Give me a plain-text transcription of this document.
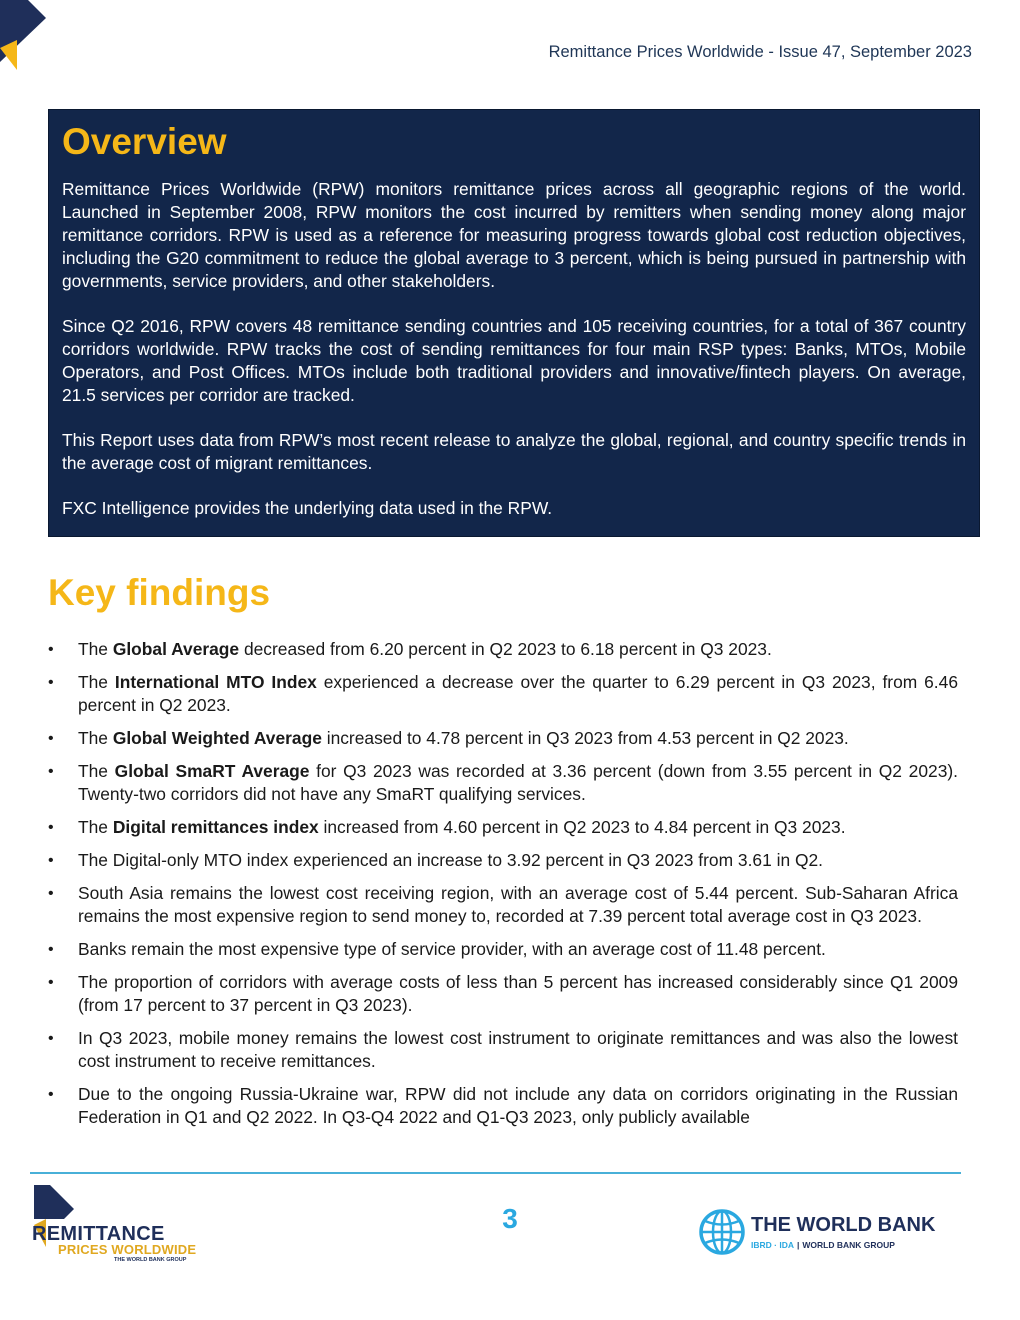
Remittance Prices Worldwide - Issue 47, September 2023
Overview

Remittance Prices Worldwide (RPW) monitors remittance prices across all geographic regions of the world. Launched in September 2008, RPW monitors the cost incurred by remitters when sending money along major remittance corridors. RPW is used as a reference for measuring progress towards global cost reduction objectives, including the G20 commitment to reduce the global average to 3 percent, which is being pursued in partnership with governments, service providers, and other stakeholders.

Since Q2 2016, RPW covers 48 remittance sending countries and 105 receiving countries, for a total of 367 country corridors worldwide. RPW tracks the cost of sending remittances for four main RSP types: Banks, MTOs, Mobile Operators, and Post Offices. MTOs include both traditional providers and innovative/fintech players. On average, 21.5 services per corridor are tracked.

This Report uses data from RPW’s most recent release to analyze the global, regional, and country specific trends in the average cost of migrant remittances.

FXC Intelligence provides the underlying data used in the RPW.

Key findings
• The Global Average decreased from 6.20 percent in Q2 2023 to 6.18 percent in Q3 2023.
• The International MTO Index experienced a decrease over the quarter to 6.29 percent in Q3 2023, from 6.46 percent in Q2 2023.
• The Global Weighted Average increased to 4.78 percent in Q3 2023 from 4.53 percent in Q2 2023.
• The Global SmaRT Average for Q3 2023 was recorded at 3.36 percent (down from 3.55 percent in Q2 2023). Twenty-two corridors did not have any SmaRT qualifying services.
• The Digital remittances index increased from 4.60 percent in Q2 2023 to 4.84 percent in Q3 2023.
• The Digital-only MTO index experienced an increase to 3.92 percent in Q3 2023 from 3.61 in Q2.
• South Asia remains the lowest cost receiving region, with an average cost of 5.44 percent. Sub-Saharan Africa remains the most expensive region to send money to, recorded at 7.39 percent total average cost in Q3 2023.
• Banks remain the most expensive type of service provider, with an average cost of 11.48 percent.
• The proportion of corridors with average costs of less than 5 percent has increased considerably since Q1 2009 (from 17 percent to 37 percent in Q3 2023).
• In Q3 2023, mobile money remains the lowest cost instrument to originate remittances and was also the lowest cost instrument to receive remittances.
• Due to the ongoing Russia-Ukraine war, RPW did not include any data on corridors originating in the Russian Federation in Q1 and Q2 2022. In Q3-Q4 2022 and Q1-Q3 2023, only publicly available
3
REMITTANCE
PRICES WORLDWIDE
THE WORLD BANK GROUP
THE WORLD BANK
IBRD · IDA | WORLD BANK GROUP
